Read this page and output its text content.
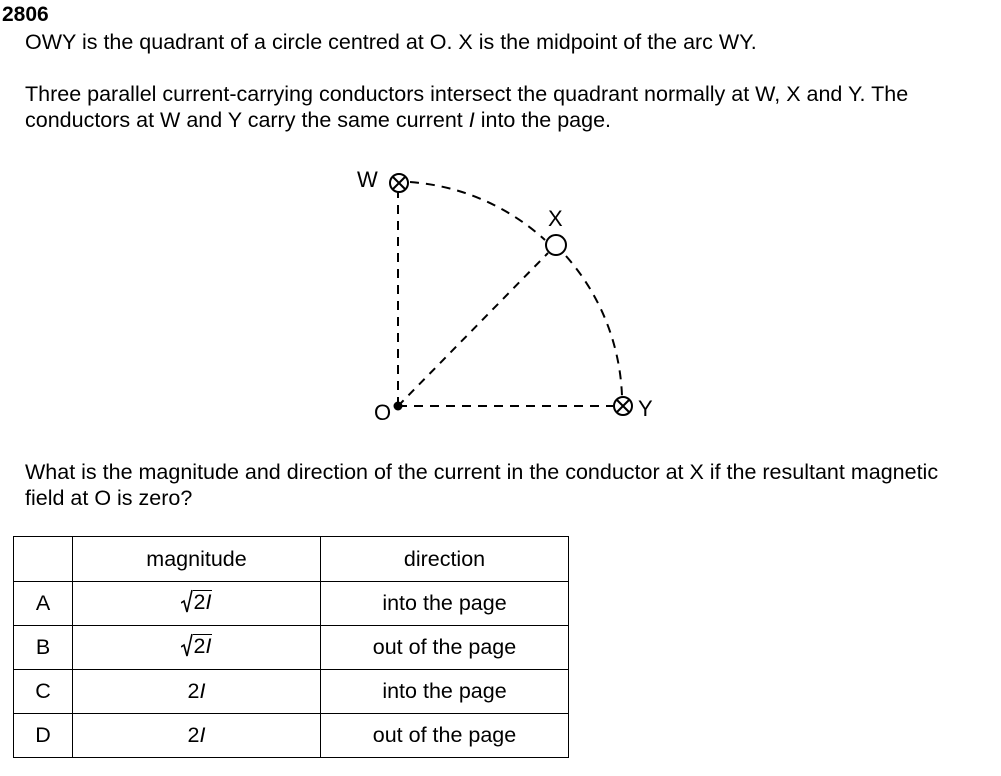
2806
OWY is the quadrant of a circle centred at O. X is the midpoint of the arc WY.
Three parallel current-carrying conductors intersect the quadrant normally at W, X and Y. The
conductors at W and Y carry the same current I into the page.
W
X
Y
O
What is the magnitude and direction of the current in the conductor at X if the resultant magnetic
field at O is zero?
	magnitude	direction
A	2I	into the page
B	2I	out of the page
C	2I	into the page
D	2I	out of the page
